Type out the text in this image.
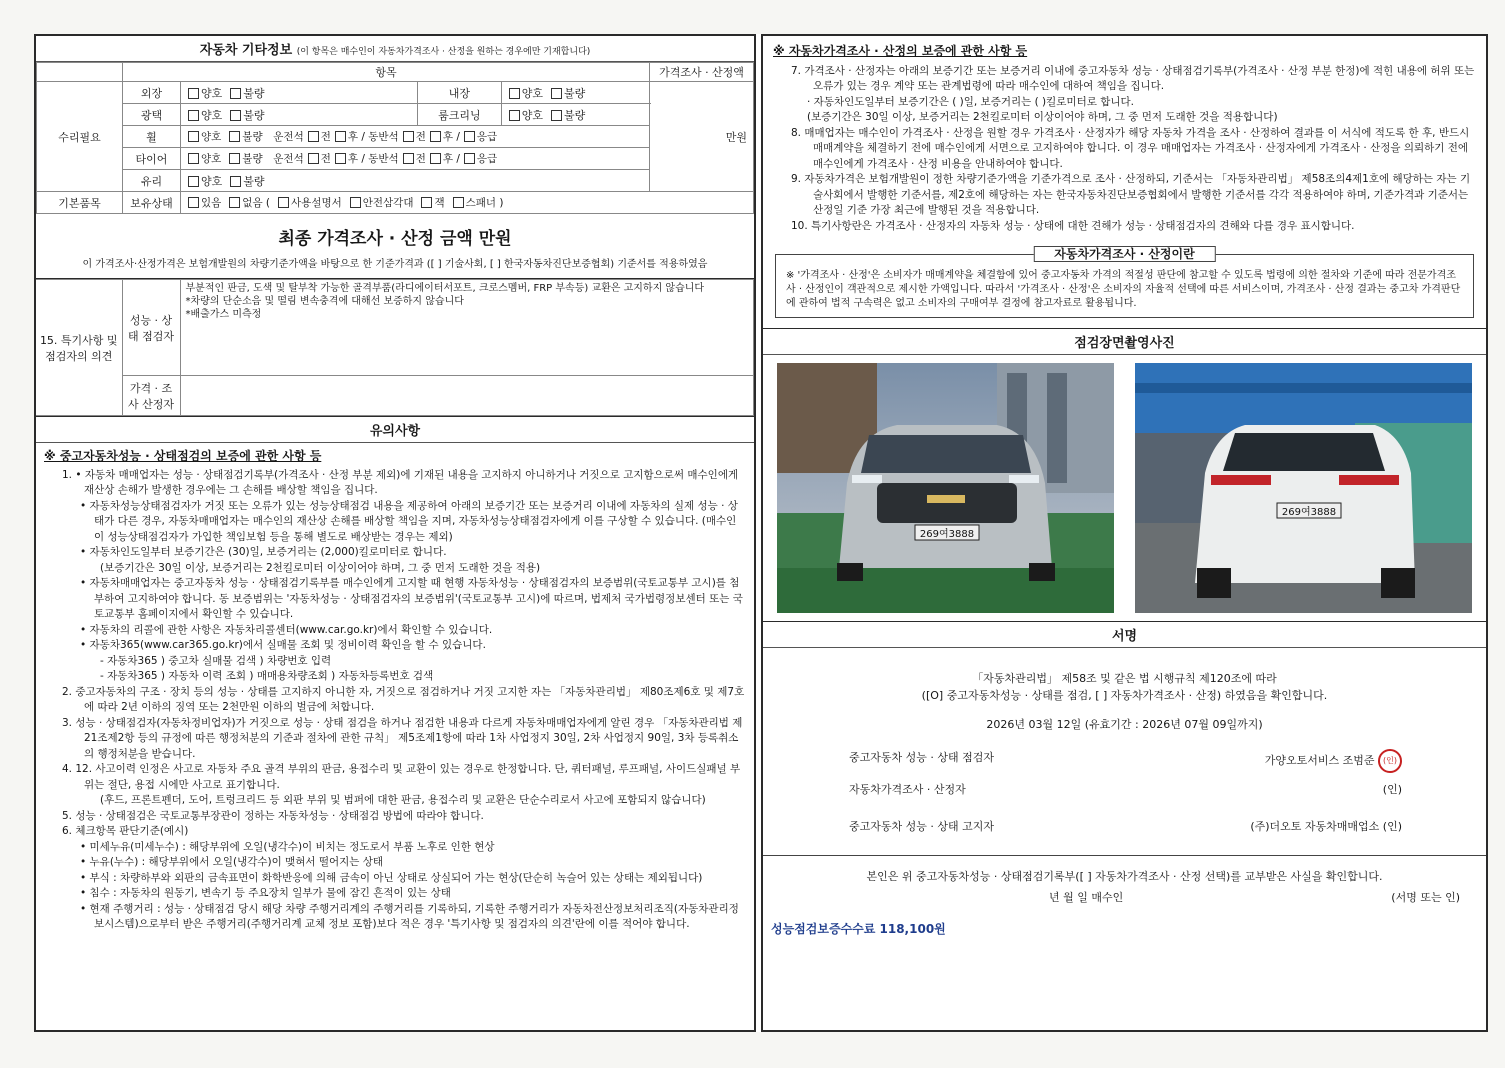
자동차 기타정보 (이 항목은 매수인이 자동차가격조사 · 산정을 원하는 경우에만 기재합니다)
	항목				가격조사 · 산정액
수리필요	외장	양호 불량	내장	양호 불량	만원
	광택	양호 불량	룸크리닝	양호 불량	
	휠	양호 불량 운전석 전 후 / 동반석 전 후 / 응급			
	타이어	양호 불량 운전석 전 후 / 동반석 전 후 / 응급			
	유리	양호 불량			
기본품목	보유상태	있음 없음 ( 사용설명서 안전삼각대 잭 스패너 )			
최종 가격조사 · 산정 금액 만원
이 가격조사·산정가격은 보험개발원의 차량기준가액을 바탕으로 한 기준가격과 ([ ] 기술사회, [ ] 한국자동차진단보증협회) 기준서를 적용하였음
15. 특기사항 및 점검자의 의견	성능 · 상태 점검자	부분적인 판금, 도색 및 탈부착 가능한 골격부품(라디에이터서포트, 크로스멤버, FRP 부속등) 교환은 고지하지 않습니다
*차량의 단순소음 및 떨림 변속충격에 대해선 보증하지 않습니다
*배출가스 미측정

	가격 · 조사 산정자	
유의사항

※ 중고자동차성능 · 상태점검의 보증에 관한 사항 등

1. • 자동차 매매업자는 성능 · 상태점검기록부(가격조사 · 산정 부분 제외)에 기재된 내용을 고지하지 아니하거나 거짓으로 고지함으로써 매수인에게 재산상 손해가 발생한 경우에는 그 손해를 배상할 책임을 집니다.

• 자동차성능상태점검자가 거짓 또는 오류가 있는 성능상태점검 내용을 제공하여 아래의 보증기간 또는 보증거리 이내에 자동차의 실제 성능 · 상태가 다른 경우, 자동차매매업자는 매수인의 재산상 손해를 배상할 책임을 지며, 자동차성능상태점검자에게 이를 구상할 수 있습니다. (매수인이 성능상태점검자가 가입한 책임보험 등을 통해 별도로 배상받는 경우는 제외)

• 자동차인도일부터 보증기간은 (30)일, 보증거리는 (2,000)킬로미터로 합니다.

(보증기간은 30일 이상, 보증거리는 2천킬로미터 이상이어야 하며, 그 중 먼저 도래한 것을 적용)

• 자동차매매업자는 중고자동차 성능 · 상태점검기록부를 매수인에게 고지할 때 현행 자동차성능 · 상태점검자의 보증범위(국토교통부 고시)를 첨부하여 고지하여야 합니다. 동 보증범위는 '자동차성능 · 상태점검자의 보증범위'(국토교통부 고시)에 따르며, 법제처 국가법령정보센터 또는 국토교통부 홈페이지에서 확인할 수 있습니다.

• 자동차의 리콜에 관한 사항은 자동차리콜센터(www.car.go.kr)에서 확인할 수 있습니다.

• 자동차365(www.car365.go.kr)에서 실매물 조회 및 정비이력 확인을 할 수 있습니다.

- 자동차365 ) 중고차 실매물 검색 ) 차량번호 입력

- 자동차365 ) 자동차 이력 조회 ) 매매용차량조회 ) 자동차등록번호 검색

2. 중고자동차의 구조 · 장치 등의 성능 · 상태를 고지하지 아니한 자, 거짓으로 점검하거나 거짓 고지한 자는 「자동차관리법」 제80조제6호 및 제7호에 따라 2년 이하의 징역 또는 2천만원 이하의 벌금에 처합니다.

3. 성능 · 상태점검자(자동차정비업자)가 거짓으로 성능 · 상태 점검을 하거나 점검한 내용과 다르게 자동차매매업자에게 알린 경우 「자동차관리법 제21조제2항 등의 규정에 따른 행정처분의 기준과 절차에 관한 규칙」 제5조제1항에 따라 1차 사업정지 30일, 2차 사업정지 90일, 3차 등록취소의 행정처분을 받습니다.

4. 12. 사고이력 인정은 사고로 자동차 주요 골격 부위의 판금, 용접수리 및 교환이 있는 경우로 한정합니다. 단, 쿼터패널, 루프패널, 사이드실패널 부위는 절단, 용접 시에만 사고로 표기합니다.

(후드, 프론트펜더, 도어, 트렁크리드 등 외판 부위 및 범퍼에 대한 판금, 용접수리 및 교환은 단순수리로서 사고에 포함되지 않습니다)

5. 성능 · 상태점검은 국토교통부장관이 정하는 자동차성능 · 상태점검 방법에 따라야 합니다.

6. 체크항목 판단기준(예시)

• 미세누유(미세누수) : 해당부위에 오일(냉각수)이 비치는 정도로서 부품 노후로 인한 현상

• 누유(누수) : 해당부위에서 오일(냉각수)이 맺혀서 떨어지는 상태

• 부식 : 차량하부와 외판의 금속표면이 화학반응에 의해 금속이 아닌 상태로 상실되어 가는 현상(단순히 녹슬어 있는 상태는 제외됩니다)

• 침수 : 자동차의 원동기, 변속기 등 주요장치 일부가 물에 잠긴 흔적이 있는 상태

• 현재 주행거리 : 성능 · 상태점검 당시 해당 차량 주행거리계의 주행거리를 기록하되, 기록한 주행거리가 자동차전산정보처리조직(자동차관리정보시스템)으로부터 받은 주행거리(주행거리계 교체 정보 포함)보다 적은 경우 '특기사항 및 점검자의 의견'란에 이를 적어야 합니다.

※ 자동차가격조사 · 산정의 보증에 관한 사항 등

7. 가격조사 · 산정자는 아래의 보증기간 또는 보증거리 이내에 중고자동차 성능 · 상태점검기록부(가격조사 · 산정 부분 한정)에 적힌 내용에 허위 또는 오류가 있는 경우 계약 또는 관계법령에 따라 매수인에 대하여 책임을 집니다.

· 자동차인도일부터 보증기간은 ( )일, 보증거리는 ( )킬로미터로 합니다.

(보증기간은 30일 이상, 보증거리는 2천킬로미터 이상이어야 하며, 그 중 먼저 도래한 것을 적용합니다)

8. 매매업자는 매수인이 가격조사 · 산정을 원할 경우 가격조사 · 산정자가 해당 자동차 가격을 조사 · 산정하여 결과를 이 서식에 적도록 한 후, 반드시 매매계약을 체결하기 전에 매수인에게 서면으로 고지하여야 합니다. 이 경우 매매업자는 가격조사 · 산정자에게 가격조사 · 산정을 의뢰하기 전에 매수인에게 가격조사 · 산정 비용을 안내하여야 합니다.

9. 자동차가격은 보험개발원이 정한 차량기준가액을 기준가격으로 조사 · 산정하되, 기준서는 「자동차관리법」 제58조의4제1호에 해당하는 자는 기술사회에서 발행한 기준서를, 제2호에 해당하는 자는 한국자동차진단보증협회에서 발행한 기준서를 각각 적용하여야 하며, 기준가격과 기준서는 산정일 기준 가장 최근에 발행된 것을 적용합니다.

10. 특기사항란은 가격조사 · 산정자의 자동차 성능 · 상태에 대한 견해가 성능 · 상태점검자의 견해와 다를 경우 표시합니다.

자동차가격조사 · 산정이란
※ '가격조사 · 산정'은 소비자가 매매계약을 체결함에 있어 중고자동차 가격의 적절성 판단에 참고할 수 있도록 법령에 의한 절차와 기준에 따라 전문가격조사 · 산정인이 객관적으로 제시한 가액입니다. 따라서 '가격조사 · 산정'은 소비자의 자율적 선택에 따른 서비스이며, 가격조사 · 산정 결과는 중고차 가격판단에 관하여 법적 구속력은 없고 소비자의 구매여부 결정에 참고자료로 활용됩니다.
점검장면촬영사진
269여3888
269여3888
서명
「자동차관리법」 제58조 및 같은 법 시행규칙 제120조에 따라
([O] 중고자동차성능 · 상태를 점검, [ ] 자동차가격조사 · 산정) 하였음을 확인합니다.
2026년 03월 12일 (유효기간 : 2026년 07월 09일까지)
중고자동차 성능 · 상태 점검자	가양오토서비스 조범준 (인)
자동차가격조사 · 산정자	(인)
중고자동차 성능 · 상태 고지자	(주)더오토 자동차매매업소 (인)
본인은 위 중고자동차성능 · 상태점검기록부([ ] 자동차가격조사 · 산정 선택)를 교부받은 사실을 확인합니다.
년 월 일 매수인	(서명 또는 인)
성능점검보증수수료 118,100원
